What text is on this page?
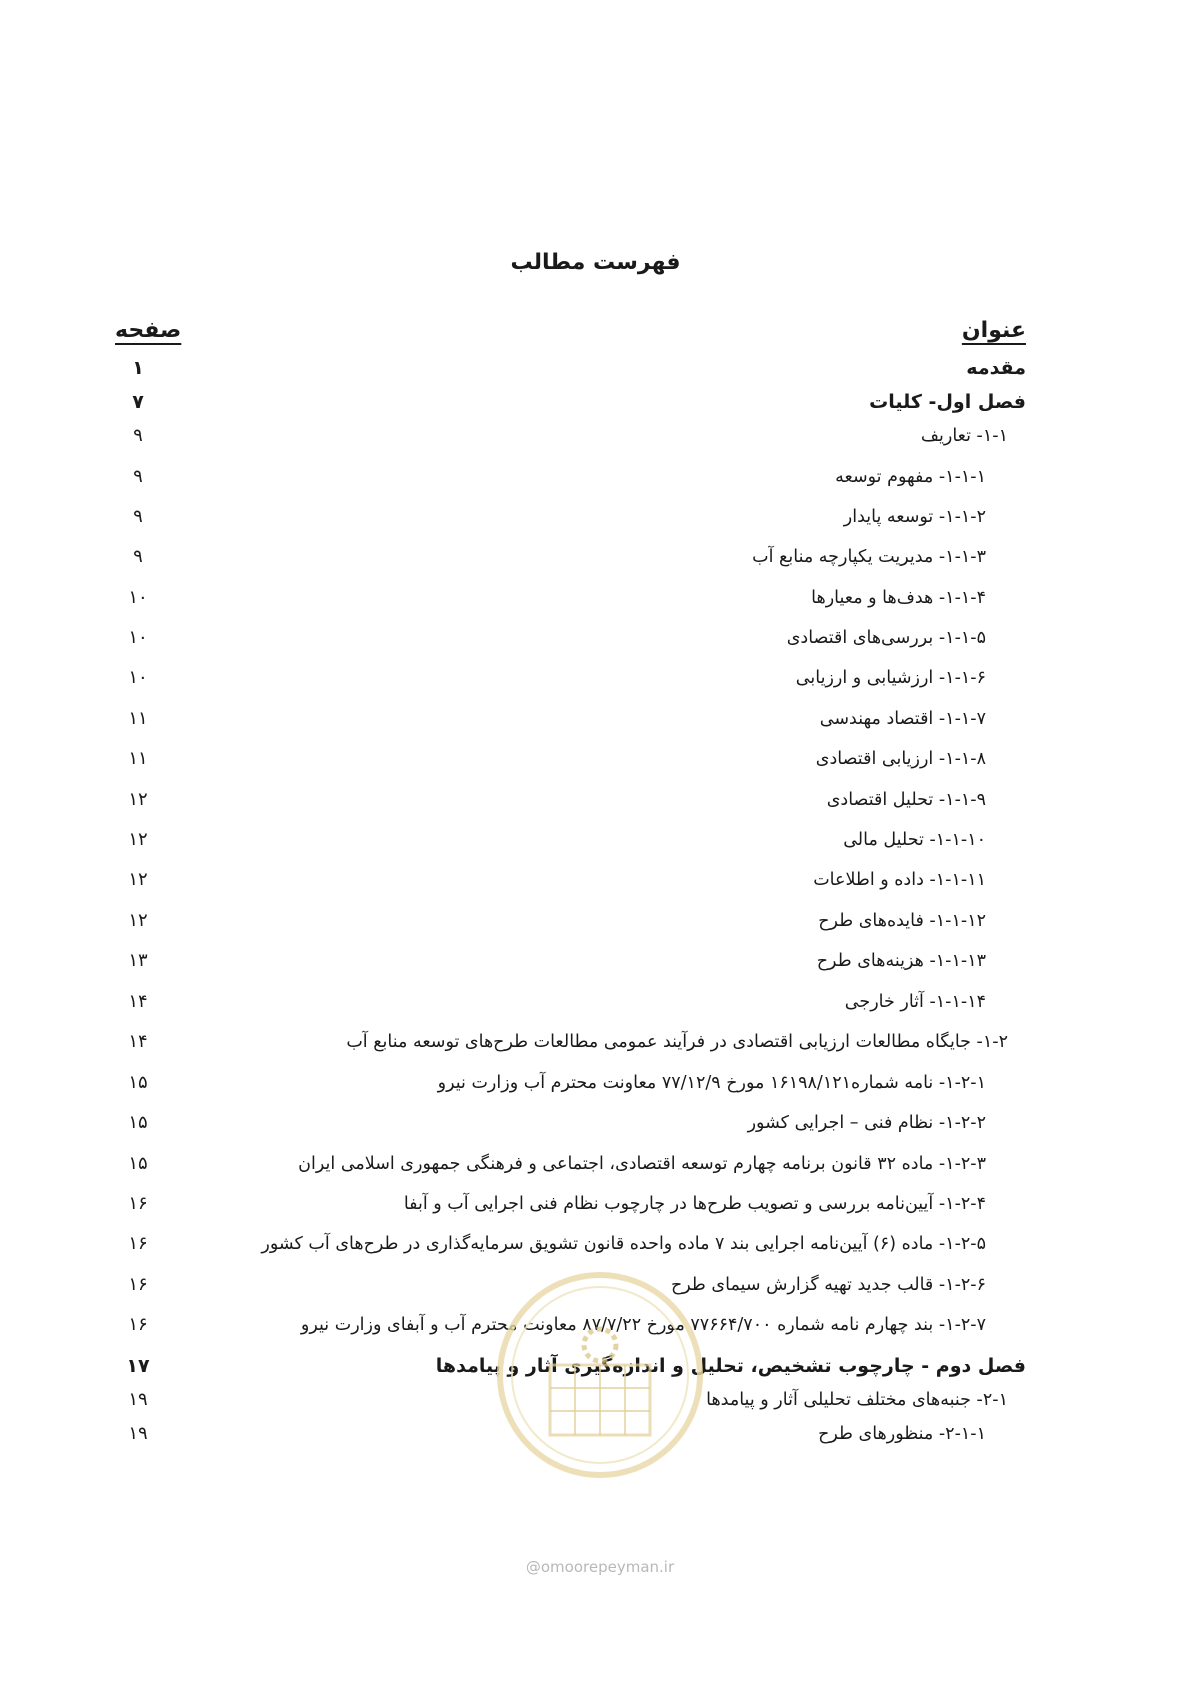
فهرست مطالب
عنوان
صفحه
مقدمه
۱
فصل اول- کلیات
۷
۱-۱- تعاریف
۹
۱-۱-۱- مفهوم توسعه
۹
۱-۱-۲- توسعه پایدار
۹
۱-۱-۳- مدیریت یکپارچه منابع آب
۹
۱-۱-۴- هدف‌ها و معیارها
۱۰
۱-۱-۵- بررسی‌های اقتصادی
۱۰
۱-۱-۶- ارزشیابی و ارزیابی
۱۰
۱-۱-۷- اقتصاد مهندسی
۱۱
۱-۱-۸- ارزیابی اقتصادی
۱۱
۱-۱-۹- تحلیل اقتصادی
۱۲
۱-۱-۱۰- تحلیل مالی
۱۲
۱-۱-۱۱- داده و اطلاعات
۱۲
۱-۱-۱۲- فایده‌های طرح
۱۲
۱-۱-۱۳- هزینه‌های طرح
۱۳
۱-۱-۱۴- آثار خارجی
۱۴
۱-۲- جایگاه مطالعات ارزیابی اقتصادی در فرآیند عمومی مطالعات طرح‌های توسعه منابع آب
۱۴
۱-۲-۱- نامه شماره۱۶۱۹۸/۱۲۱ مورخ ۷۷/۱۲/۹ معاونت محترم آب وزارت نیرو
۱۵
۱-۲-۲- نظام فنی – اجرایی کشور
۱۵
۱-۲-۳- ماده ۳۲ قانون برنامه چهارم توسعه اقتصادی، اجتماعی و فرهنگی جمهوری اسلامی ایران
۱۵
۱-۲-۴- آیین‌نامه بررسی و تصویب طرح‌ها در چارچوب نظام فنی اجرایی آب و آبفا
۱۶
۱-۲-۵- ماده (۶) آیین‌نامه اجرایی بند ۷ ماده واحده قانون تشویق سرمایه‌گذاری در طرح‌های آب کشور
۱۶
۱-۲-۶- قالب جدید تهیه گزارش سیمای طرح
۱۶
۱-۲-۷- بند چهارم نامه شماره ۷۷۶۶۴/۷۰۰ مورخ ۸۷/۷/۲۲ معاونت محترم آب و آبفای وزارت نیرو
۱۶
فصل دوم - چارچوب تشخیص، تحلیل و اندازه‌گیری آثار و پیامدها
۱۷
۲-۱- جنبه‌های مختلف تحلیلی آثار و پیامدها
۱۹
۲-۱-۱- منظورهای طرح
۱۹
@omoorepeyman.ir
